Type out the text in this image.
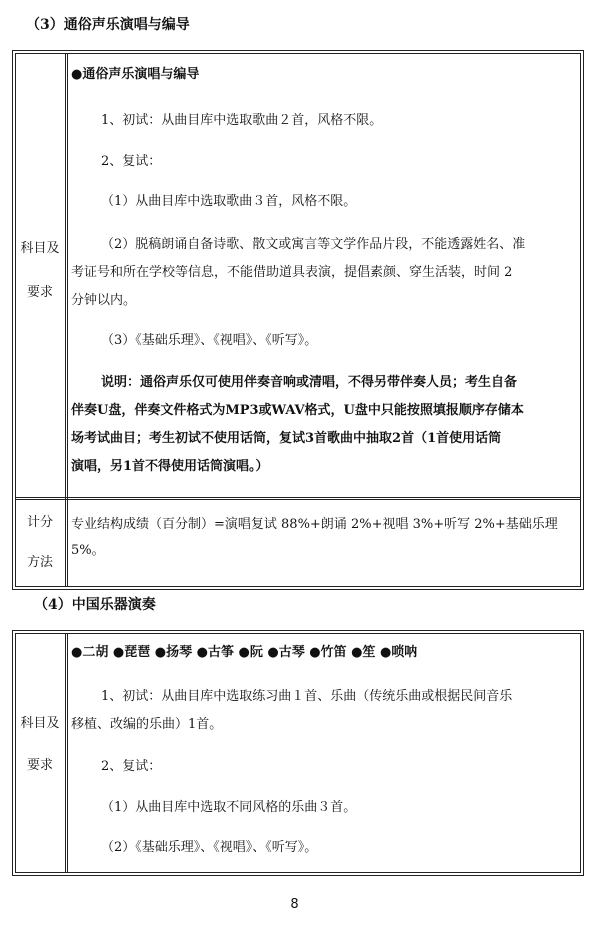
（3）通俗声乐演唱与编导
科目及
要求
●通俗声乐演唱与编导
1、初试：从曲目库中选取歌曲２首，风格不限。
2、复试：
（1）从曲目库中选取歌曲３首，风格不限。
（2）脱稿朗诵自备诗歌、散文或寓言等文学作品片段，不能透露姓名、准
考证号和所在学校等信息，不能借助道具表演，提倡素颜、穿生活装，时间 2
分钟以内。
（3）《基础乐理》、《视唱》、《听写》。
说明：通俗声乐仅可使用伴奏音响或清唱，不得另带伴奏人员；考生自备
伴奏U盘，伴奏文件格式为MP3或WAV格式，U盘中只能按照填报顺序存储本
场考试曲目；考生初试不使用话筒，复试3首歌曲中抽取2首（1首使用话筒
演唱，另1首不得使用话筒演唱。）
计分
方法
专业结构成绩（百分制）=演唱复试 88%+朗诵 2%+视唱 3%+听写 2%+基础乐理
5%。
（4）中国乐器演奏
科目及
要求
●二胡 ●琵琶 ●扬琴 ●古筝 ●阮 ●古琴 ●竹笛 ●笙 ●唢呐
1、初试：从曲目库中选取练习曲１首、乐曲（传统乐曲或根据民间音乐
移植、改编的乐曲）1首。
2、复试：
（1）从曲目库中选取不同风格的乐曲３首。
（2）《基础乐理》、《视唱》、《听写》。
8
